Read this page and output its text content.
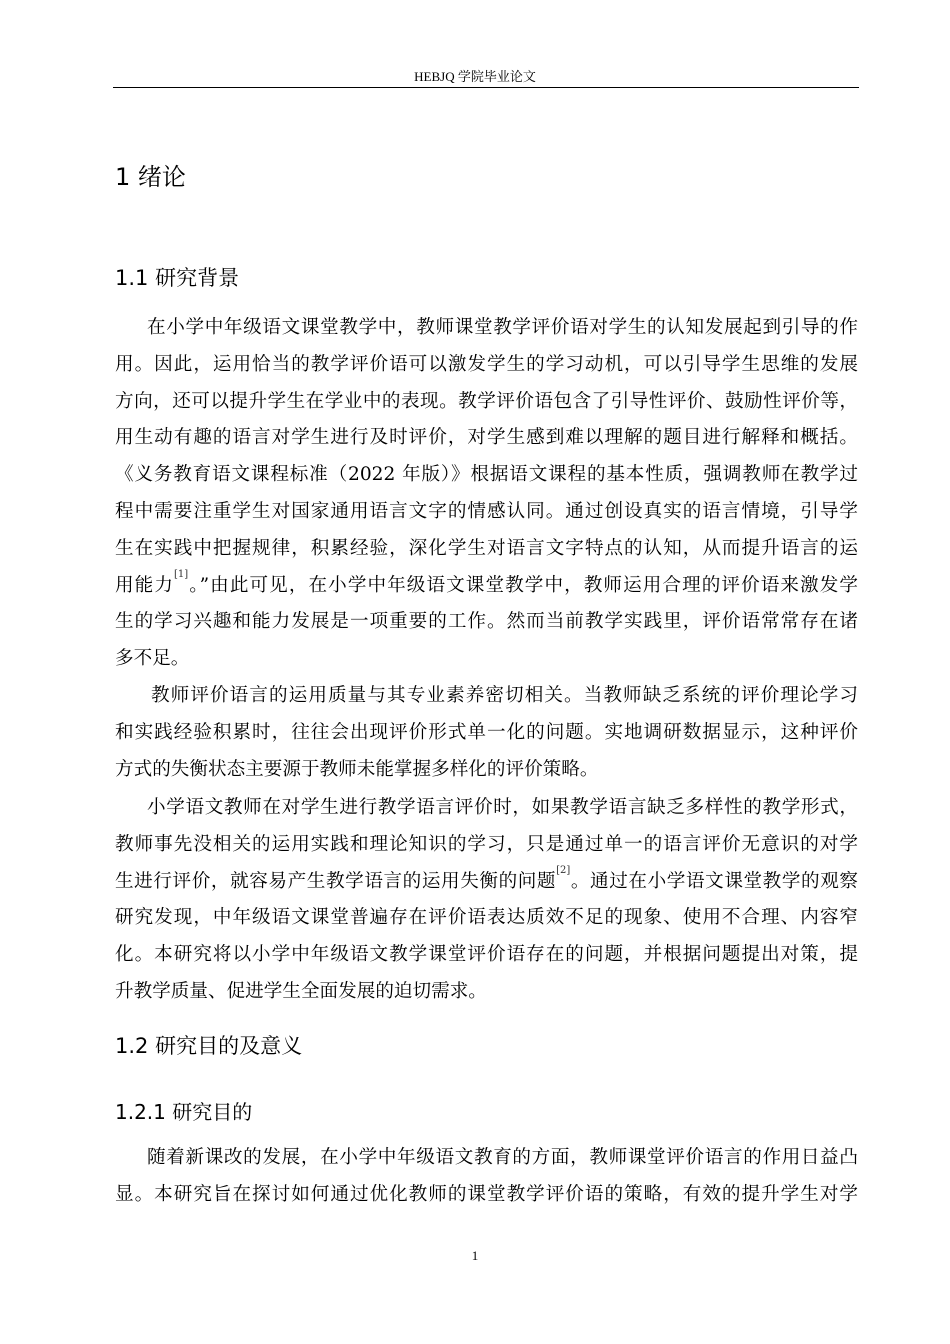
HEBJQ 学院毕业论文
1 绪论
1.1 研究背景
在小学中年级语文课堂教学中，教师课堂教学评价语对学生的认知发展起到引导的作
用。因此，运用恰当的教学评价语可以激发学生的学习动机，可以引导学生思维的发展
方向，还可以提升学生在学业中的表现。教学评价语包含了引导性评价、鼓励性评价等，
用生动有趣的语言对学生进行及时评价，对学生感到难以理解的题目进行解释和概括。
《义务教育语文课程标准（2022 年版）》根据语文课程的基本性质，强调教师在教学过
程中需要注重学生对国家通用语言文字的情感认同。通过创设真实的语言情境，引导学
生在实践中把握规律，积累经验，深化学生对语言文字特点的认知，从而提升语言的运
用能力[1]。”由此可见，在小学中年级语文课堂教学中，教师运用合理的评价语来激发学
生的学习兴趣和能力发展是一项重要的工作。然而当前教学实践里，评价语常常存在诸
多不足。
教师评价语言的运用质量与其专业素养密切相关。当教师缺乏系统的评价理论学习
和实践经验积累时，往往会出现评价形式单一化的问题。实地调研数据显示，这种评价
方式的失衡状态主要源于教师未能掌握多样化的评价策略。
小学语文教师在对学生进行教学语言评价时，如果教学语言缺乏多样性的教学形式，
教师事先没相关的运用实践和理论知识的学习，只是通过单一的语言评价无意识的对学
生进行评价，就容易产生教学语言的运用失衡的问题[2]。通过在小学语文课堂教学的观察
研究发现，中年级语文课堂普遍存在评价语表达质效不足的现象、使用不合理、内容窄
化。本研究将以小学中年级语文教学课堂评价语存在的问题，并根据问题提出对策，提
升教学质量、促进学生全面发展的迫切需求。
1.2 研究目的及意义
1.2.1 研究目的
随着新课改的发展，在小学中年级语文教育的方面，教师课堂评价语言的作用日益凸
显。本研究旨在探讨如何通过优化教师的课堂教学评价语的策略，有效的提升学生对学
1
